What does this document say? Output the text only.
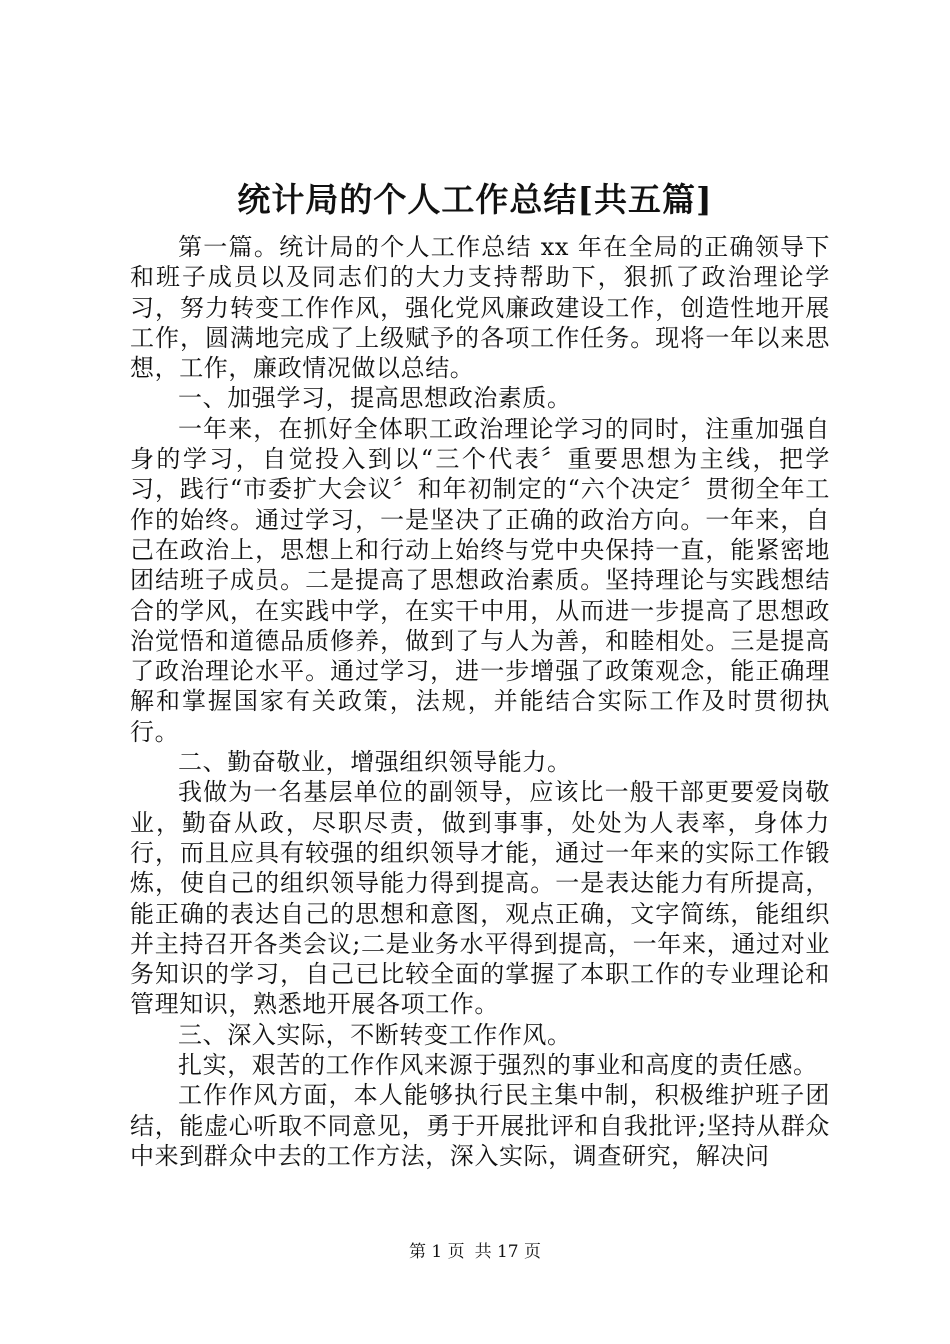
统计局的个人工作总结[共五篇]

第一篇。统计局的个人工作总结 xx 年在全局的正确领导下和班子成员以及同志们的大力支持帮助下，狠抓了政治理论学习，努力转变工作作风，强化党风廉政建设工作，创造性地开展工作，圆满地完成了上级赋予的各项工作任务。现将一年以来思想，工作，廉政情况做以总结。

一、加强学习，提高思想政治素质。

一年来，在抓好全体职工政治理论学习的同时，注重加强自身的学习，自觉投入到以“三个代表〞重要思想为主线，把学习，践行“市委扩大会议〞和年初制定的“六个决定〞贯彻全年工作的始终。通过学习，一是坚决了正确的政治方向。一年来，自己在政治上，思想上和行动上始终与党中央保持一直，能紧密地团结班子成员。二是提高了思想政治素质。坚持理论与实践想结合的学风，在实践中学，在实干中用，从而进一步提高了思想政治觉悟和道德品质修养，做到了与人为善，和睦相处。三是提高了政治理论水平。通过学习，进一步增强了政策观念，能正确理解和掌握国家有关政策，法规，并能结合实际工作及时贯彻执行。

二、勤奋敬业，增强组织领导能力。

我做为一名基层单位的副领导，应该比一般干部更要爱岗敬业，勤奋从政，尽职尽责，做到事事，处处为人表率，身体力行，而且应具有较强的组织领导才能，通过一年来的实际工作锻炼，使自己的组织领导能力得到提高。一是表达能力有所提高，能正确的表达自己的思想和意图，观点正确，文字简练，能组织并主持召开各类会议;二是业务水平得到提高，一年来，通过对业务知识的学习，自己已比较全面的掌握了本职工作的专业理论和管理知识，熟悉地开展各项工作。

三、深入实际，不断转变工作作风。

扎实，艰苦的工作作风来源于强烈的事业和高度的责任感。

工作作风方面，本人能够执行民主集中制，积极维护班子团结，能虚心听取不同意见，勇于开展批评和自我批评;坚持从群众中来到群众中去的工作方法，深入实际，调查研究，解决问

第 1 页 共 17 页
